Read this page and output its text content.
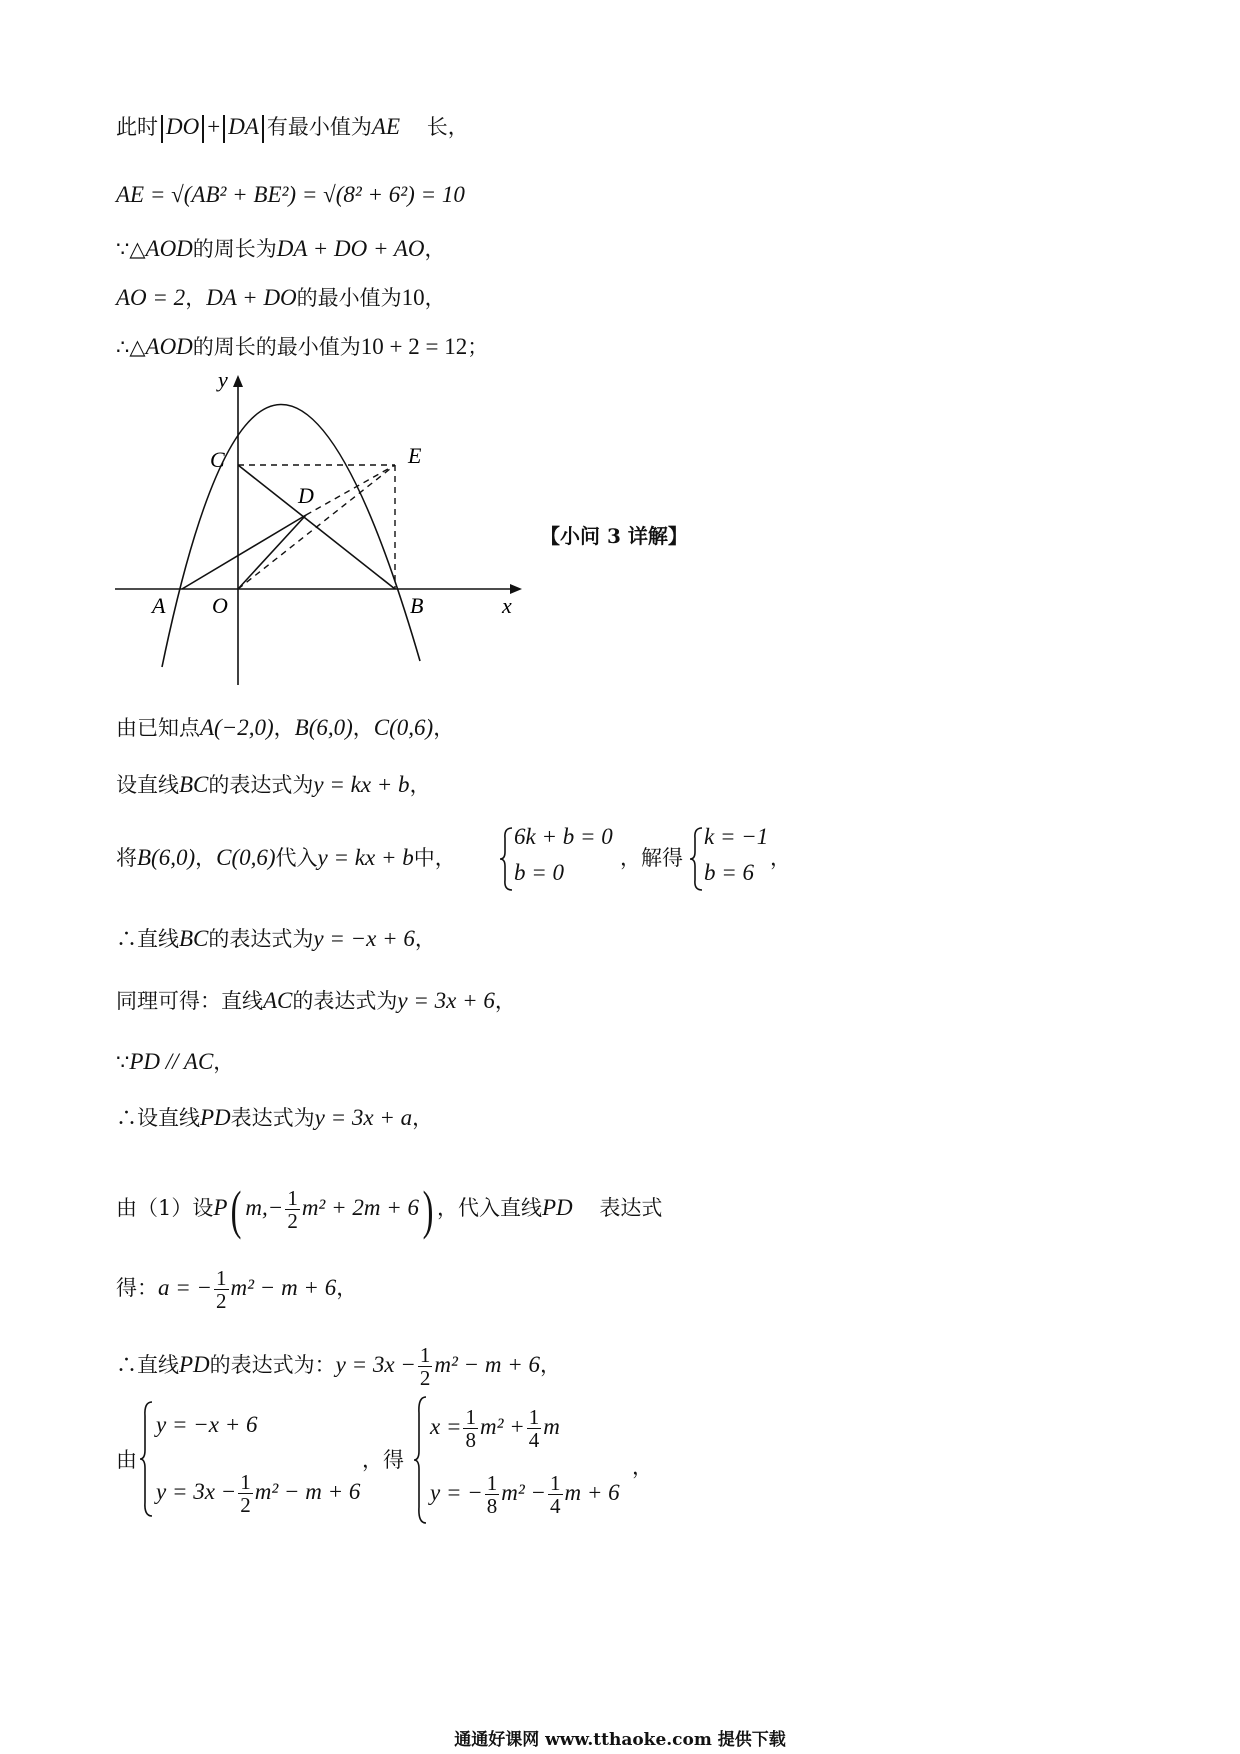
此时 DO + DA 有最小值为AE 长，
AE = √(AB² + BE²) = √(8² + 6²) = 10
∵△AOD的周长为DA + DO + AO，
AO = 2，DA + DO的最小值为10，
∴△AOD的周长的最小值为10 + 2 = 12；
y
x
A O	B
C
D
E
【小问 3 详解】
由已知点A(−2,0)，B(6,0)，C(0,6)，
设直线BC的表达式为y = kx + b，
将B(6,0)，C(0,6)代入y = kx + b中，
6k + b = 0
b = 0
，解得
k = −1
b = 6
，
∴直线BC的表达式为y = −x + 6，
同理可得：直线AC的表达式为y = 3x + 6，
∵PD // AC，
∴设直线PD表达式为y = 3x + a，
由（1）设P( $m,- \frac{1}{2} m^2 + 2m + 6$) ，代入直线PD 表达式
得：a = − $\frac{1}{2} m^2 - m + 6$，
∴直线PD的表达式为：$y = 3x - \frac{1}{2} m^2 - m + 6$，
由
y = −x + 6
$y = 3x - \frac{1}{2} m^2 - m + 6$
，得
$x = \frac{1}{8} m^2 + \frac{1}{4}$ m
y = − $\frac{1}{8} m^2 - \frac{1}{4}$ m + 6
，
通通好课网 www.tthaoke.com 提供下载
